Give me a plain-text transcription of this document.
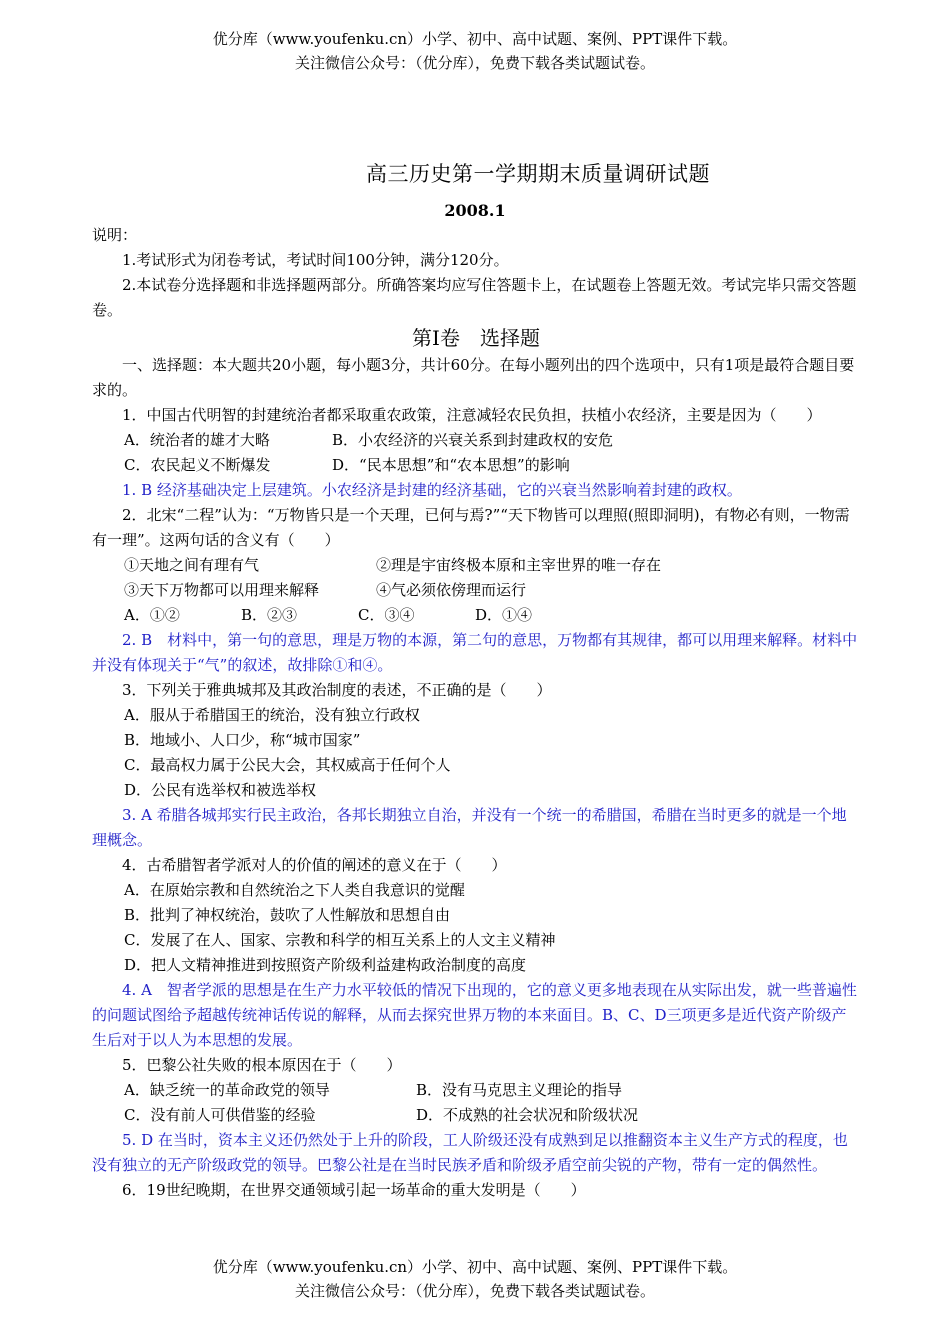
优分库（www.youfenku.cn）小学、初中、高中试题、案例、PPT课件下载。
关注微信公众号：（优分库），免费下载各类试题试卷。
高三历史第一学期期末质量调研试题
2008.1

说明：

1.考试形式为闭卷考试，考试时间100分钟，满分120分。

2.本试卷分选择题和非选择题两部分。所确答案均应写住答题卡上，在试题卷上答题无效。考试完毕只需交答题卷。

第Ⅰ卷　选择题

一、选择题：本大题共20小题，每小题3分，共计60分。在每小题列出的四个选项中，只有1项是最符合题目要求的。

1．中国古代明智的封建统治者都采取重农政策，注意减轻农民负担，扶植小农经济，主要是因为（　　）

A．统治者的雄才大略	B．小农经济的兴衰关系到封建政权的安危
C．农民起义不断爆发	D．“民本思想”和“农本思想”的影响

1. B 经济基础决定上层建筑。小农经济是封建的经济基础，它的兴衰当然影响着封建的政权。

2．北宋“二程”认为：“万物皆只是一个天理，已何与焉?”“天下物皆可以理照(照即洞明)，有物必有则，一物需有一理”。这两句话的含义有（　　）

①天地之间有理有气	②理是宇宙终极本原和主宰世界的唯一存在
③天下万物都可以用理来解释	④气必须依傍理而运行
A．①②	B．②③	C．③④	D．①④

2. B　材料中，第一句的意思，理是万物的本源，第二句的意思，万物都有其规律，都可以用理来解释。材料中并没有体现关于“气”的叙述，故排除①和④。

3．下列关于雅典城邦及其政治制度的表述，不正确的是（　　）

A．服从于希腊国王的统治，没有独立行政权

B．地域小、人口少，称“城市国家”

C．最高权力属于公民大会，其权威高于任何个人

D．公民有选举权和被选举权

3. A 希腊各城邦实行民主政治，各邦长期独立自治，并没有一个统一的希腊国，希腊在当时更多的就是一个地理概念。

4．古希腊智者学派对人的价值的阐述的意义在于（　　）

A．在原始宗教和自然统治之下人类自我意识的觉醒

B．批判了神权统治，鼓吹了人性解放和思想自由

C．发展了在人、国家、宗教和科学的相互关系上的人文主义精神

D．把人文精神推进到按照资产阶级利益建构政治制度的高度

4. A　智者学派的思想是在生产力水平较低的情况下出现的，它的意义更多地表现在从实际出发，就一些普遍性的问题试图给予超越传统神话传说的解释，从而去探究世界万物的本来面目。B、C、D三项更多是近代资产阶级产生后对于以人为本思想的发展。

5．巴黎公社失败的根本原因在于（　　）

A．缺乏统一的革命政党的领导	B．没有马克思主义理论的指导
C．没有前人可供借鉴的经验	D．不成熟的社会状况和阶级状况

5. D 在当时，资本主义还仍然处于上升的阶段，工人阶级还没有成熟到足以推翻资本主义生产方式的程度，也没有独立的无产阶级政党的领导。巴黎公社是在当时民族矛盾和阶级矛盾空前尖锐的产物，带有一定的偶然性。

6．19世纪晚期，在世界交通领域引起一场革命的重大发明是（　　）

优分库（www.youfenku.cn）小学、初中、高中试题、案例、PPT课件下载。
关注微信公众号：（优分库），免费下载各类试题试卷。
